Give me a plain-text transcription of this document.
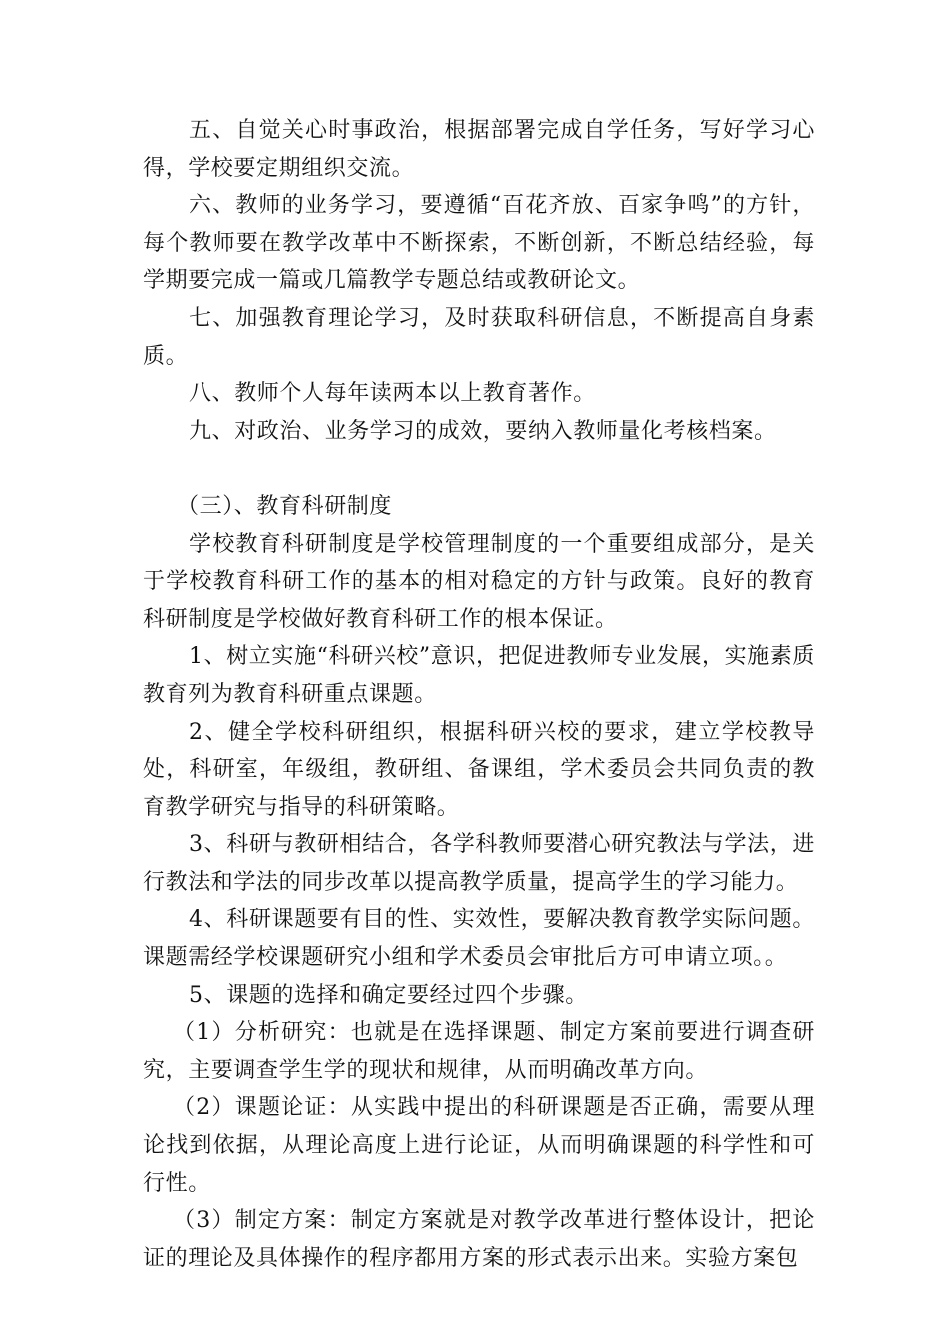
五、自觉关心时事政治，根据部署完成自学任务，写好学习心得，学校要定期组织交流。

六、教师的业务学习，要遵循“百花齐放、百家争鸣”的方针，每个教师要在教学改革中不断探索，不断创新，不断总结经验，每学期要完成一篇或几篇教学专题总结或教研论文。

七、加强教育理论学习，及时获取科研信息，不断提高自身素质。

八、教师个人每年读两本以上教育著作。

九、对政治、业务学习的成效，要纳入教师量化考核档案。

（三）、教育科研制度

学校教育科研制度是学校管理制度的一个重要组成部分，是关于学校教育科研工作的基本的相对稳定的方针与政策。良好的教育科研制度是学校做好教育科研工作的根本保证。

1、树立实施“科研兴校”意识，把促进教师专业发展，实施素质教育列为教育科研重点课题。

2、健全学校科研组织，根据科研兴校的要求，建立学校教导处，科研室，年级组，教研组、备课组，学术委员会共同负责的教育教学研究与指导的科研策略。

3、科研与教研相结合，各学科教师要潜心研究教法与学法，进行教法和学法的同步改革以提高教学质量，提高学生的学习能力。

4、科研课题要有目的性、实效性，要解决教育教学实际问题。课题需经学校课题研究小组和学术委员会审批后方可申请立项。。

5、课题的选择和确定要经过四个步骤。

（1）分析研究：也就是在选择课题、制定方案前要进行调查研究，主要调查学生学的现状和规律，从而明确改革方向。

（2）课题论证：从实践中提出的科研课题是否正确，需要从理论找到依据，从理论高度上进行论证，从而明确课题的科学性和可行性。

（3）制定方案：制定方案就是对教学改革进行整体设计，把论证的理论及具体操作的程序都用方案的形式表示出来。实验方案包
